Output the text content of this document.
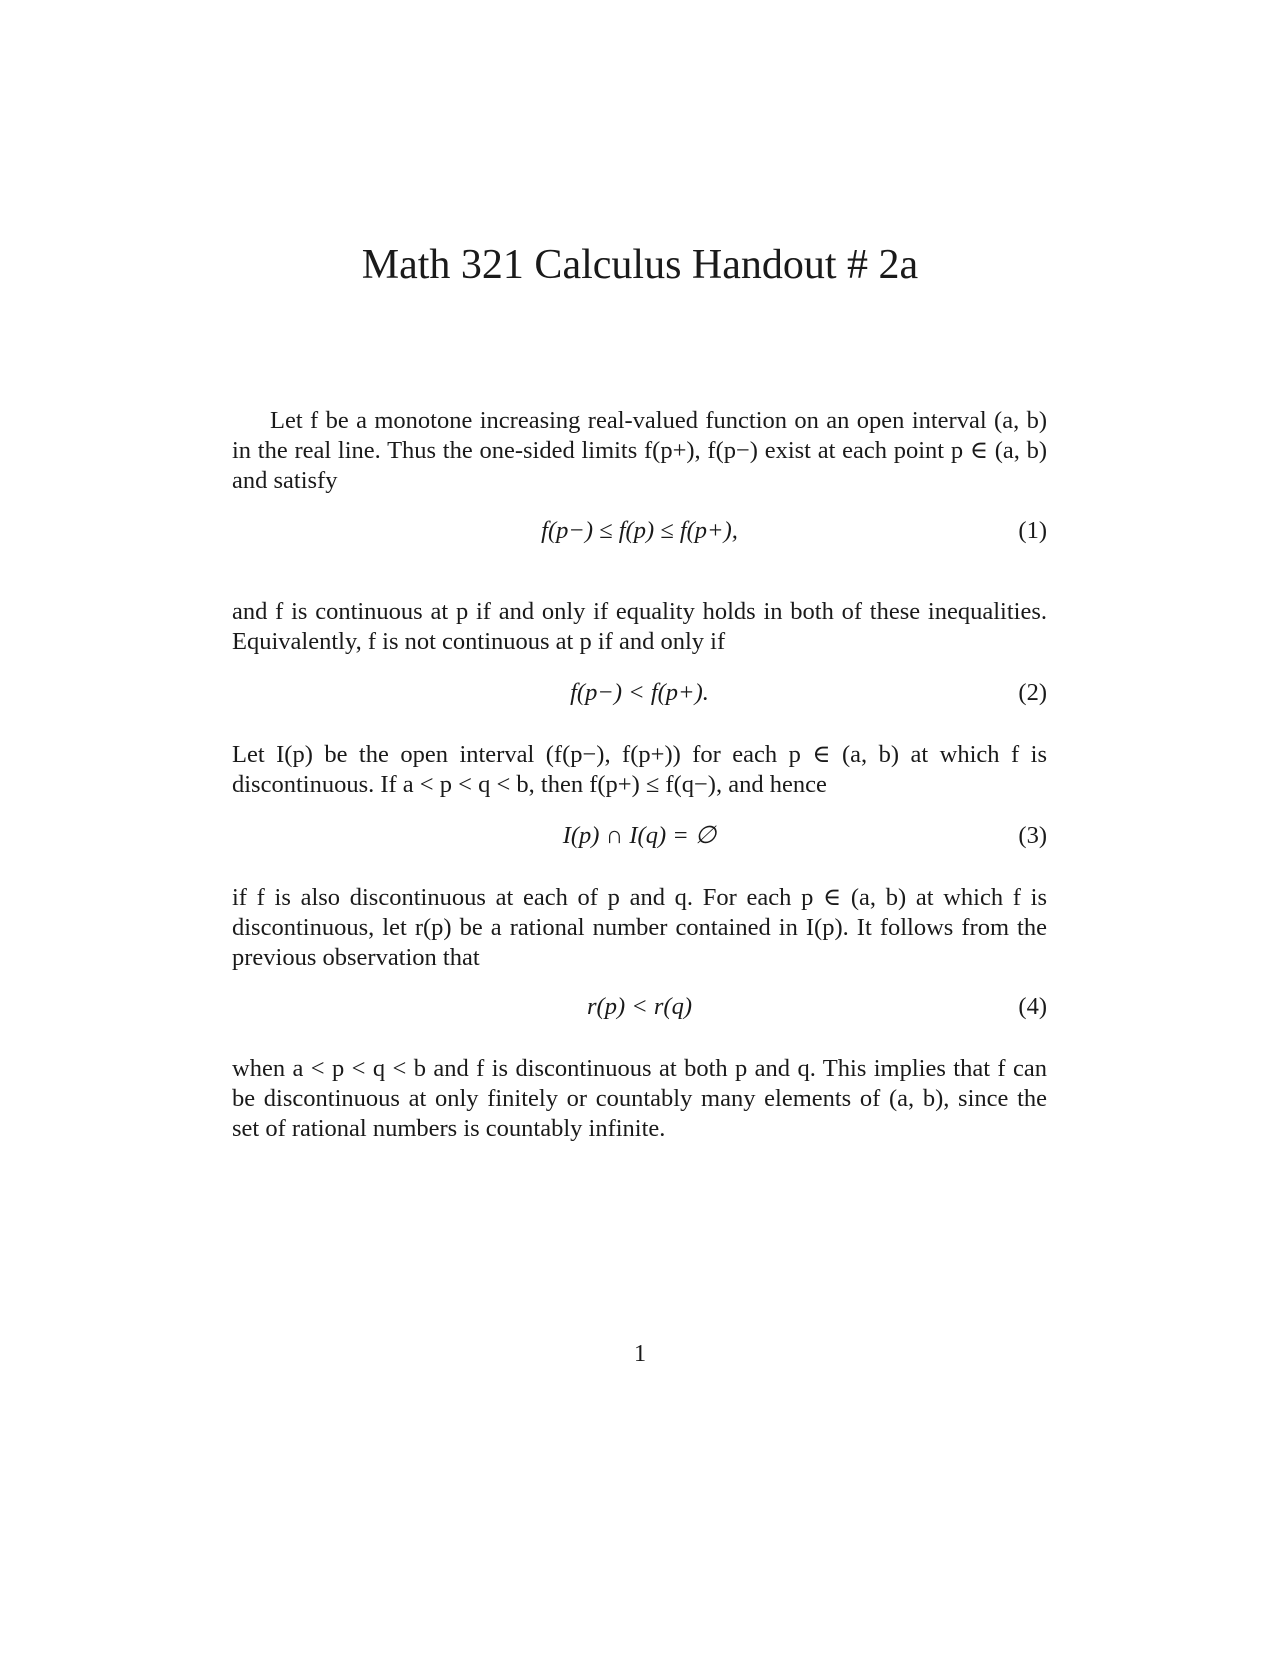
Math 321 Calculus Handout # 2a

Let f be a monotone increasing real-valued function on an open interval (a, b) in the real line. Thus the one-sided limits f(p+), f(p−) exist at each point p ∈ (a, b) and satisfy

f(p−) ≤ f(p) ≤ f(p+),	(1)

and f is continuous at p if and only if equality holds in both of these inequalities. Equivalently, f is not continuous at p if and only if

f(p−) < f(p+).	(2)

Let I(p) be the open interval (f(p−), f(p+)) for each p ∈ (a, b) at which f is discontinuous. If a < p < q < b, then f(p+) ≤ f(q−), and hence

I(p) ∩ I(q) = ∅	(3)

if f is also discontinuous at each of p and q. For each p ∈ (a, b) at which f is discontinuous, let r(p) be a rational number contained in I(p). It follows from the previous observation that

r(p) < r(q)	(4)

when a < p < q < b and f is discontinuous at both p and q. This implies that f can be discontinuous at only finitely or countably many elements of (a, b), since the set of rational numbers is countably infinite.

1
